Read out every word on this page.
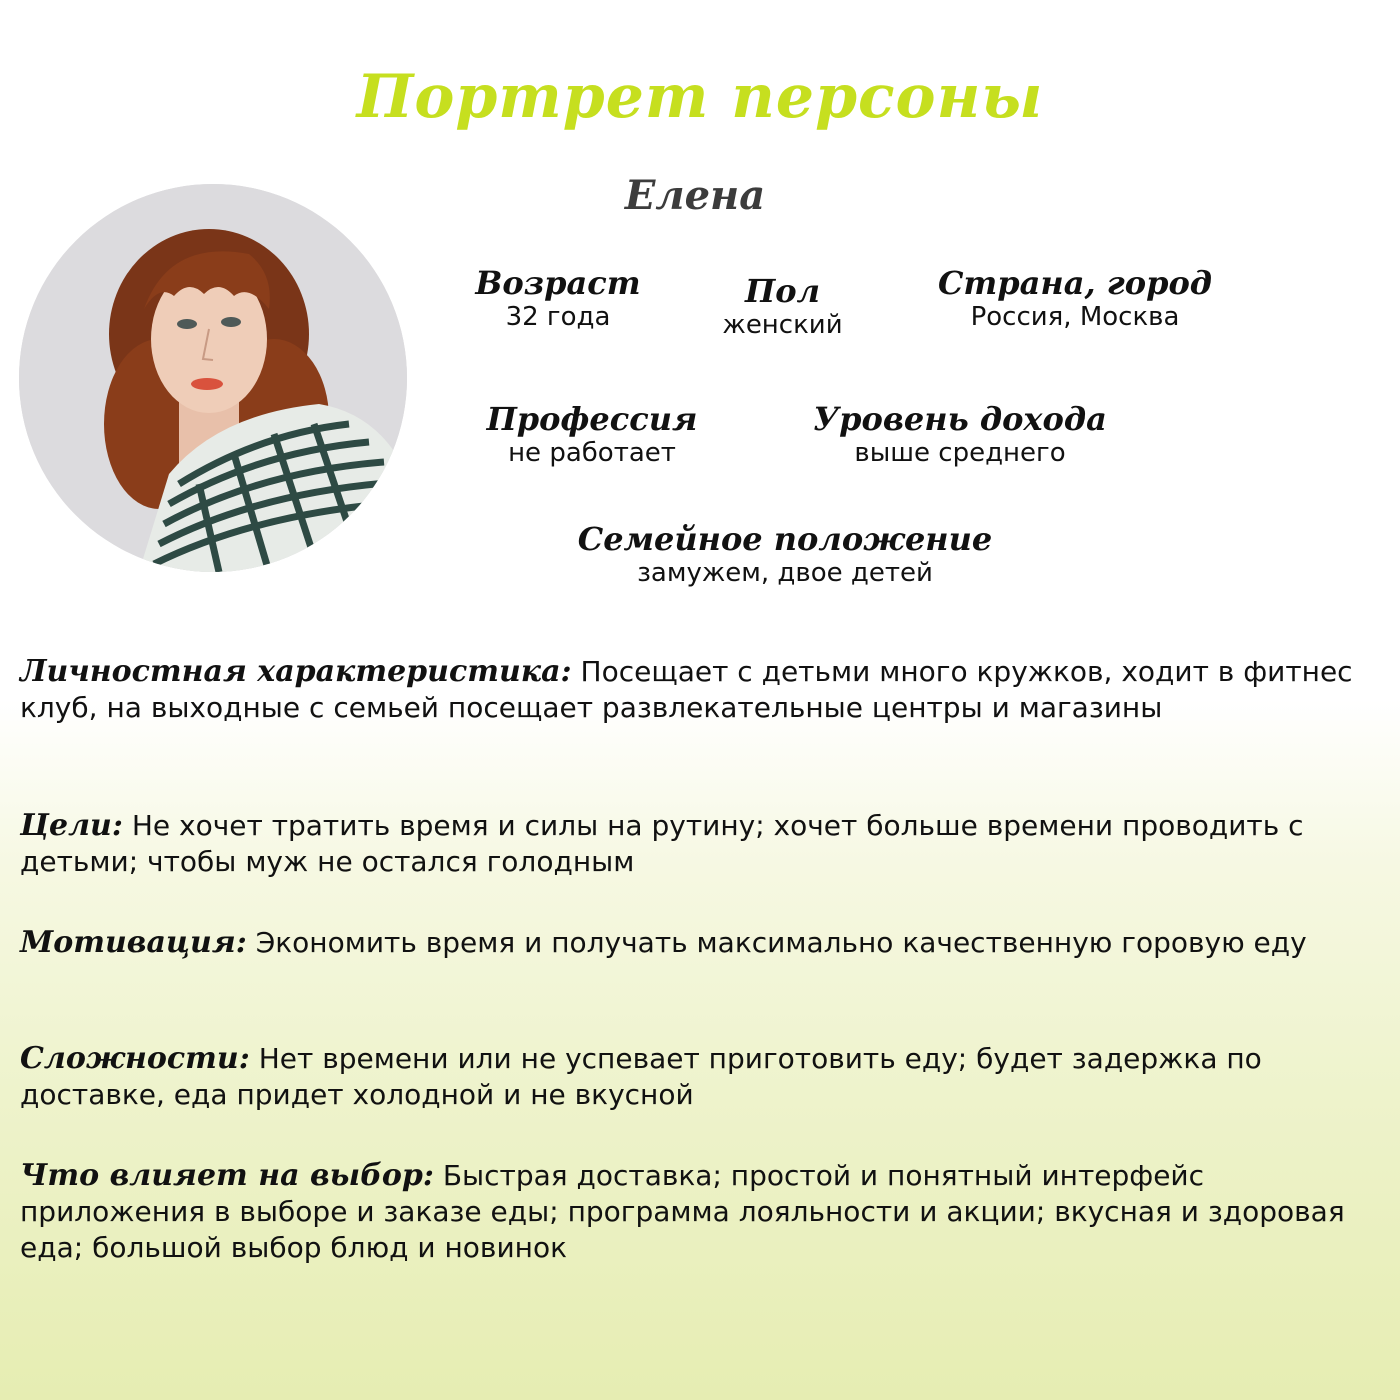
Портрет персоны
Елена
Возраст
32 года
Пол
женский
Страна, город
Россия, Москва
Профессия
не работает
Уровень дохода
выше среднего
Семейное положение
замужем, двое детей
Личностная характеристика: Посещает с детьми много кружков, ходит в фитнес клуб, на выходные с семьей посещает развлекательные центры и магазины
Цели: Не хочет тратить время и силы на рутину; хочет больше времени проводить с детьми; чтобы муж не остался голодным
Мотивация: Экономить время и получать максимально качественную горовую еду
Сложности: Нет времени или не успевает приготовить еду; будет задержка по доставке, еда придет холодной и не вкусной
Что влияет на выбор: Быстрая доставка; простой и понятный интерфейс приложения в выборе и заказе еды; программа лояльности и акции; вкусная и здоровая еда; большой выбор блюд и новинок
